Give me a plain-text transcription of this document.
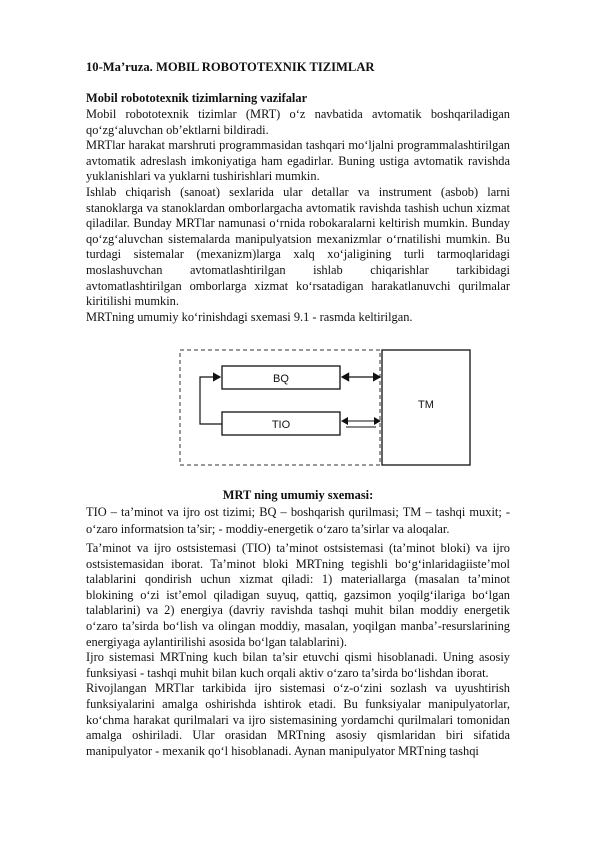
10-Ma’ruza. MOBIL ROBOTOTEXNIK TIZIMLAR
Mobil robototexnik tizimlarning vazifalar

Mobil robototexnik tizimlar (MRT) o‘z navbatida avtomatik boshqariladigan qo‘zg‘aluvchan ob’ektlarni bildiradi.

MRTlar harakat marshruti programmasidan tashqari mo‘ljalni programmalashtirilgan avtomatik adreslash imkoniyatiga ham egadirlar. Buning ustiga avtomatik ravishda yuklanishlari va yuklarni tushirishlari mumkin.

Ishlab chiqarish (sanoat) sexlarida ular detallar va instrument (asbob) larni stanoklarga va stanoklardan omborlargacha avtomatik ravishda tashish uchun xizmat qiladilar. Bunday MRTlar namunasi o‘rnida robokaralarni keltirish mumkin. Bunday qo‘zg‘aluvchan sistemalarda manipulyatsion mexanizmlar o‘rnatilishi mumkin. Bu turdagi sistemalar (mexanizm)larga xalq xo‘jaligining turli tarmoqlaridagi moslashuvchan avtomatlashtirilgan ishlab chiqarishlar tarkibidagi avtomatlashtirilgan omborlarga xizmat ko‘rsatadigan harakatlanuvchi qurilmalar kiritilishi mumkin.

MRTning umumiy ko‘rinishdagi sxemasi 9.1 - rasmda keltirilgan.

BQ
TIO
TM
MRT ning umumiy sxemasi:
TIO – ta’minot va ijro ost tizimi; BQ – boshqarish qurilmasi; TM – tashqi muxit; - o‘zaro informatsion ta’sir; - moddiy-energetik o‘zaro ta’sirlar va aloqalar.

Ta’minot va ijro ostsistemasi (TIO) ta’minot ostsistemasi (ta’minot bloki) va ijro ostsistemasidan iborat. Ta’minot bloki MRTning tegishli bo‘g‘inlaridagiiste’mol talablarini qondirish uchun xizmat qiladi: 1) materiallarga (masalan ta’minot blokining o‘zi ist’emol qiladigan suyuq, qattiq, gazsimon yoqilg‘ilariga bo‘lgan talablarini) va 2) energiya (davriy ravishda tashqi muhit bilan moddiy energetik o‘zaro ta’sirda bo‘lish va olingan moddiy, masalan, yoqilgan manba’-resurslarining energiyaga aylantirilishi asosida bo‘lgan talablarini).

Ijro sistemasi MRTning kuch bilan ta’sir etuvchi qismi hisoblanadi. Uning asosiy funksiyasi - tashqi muhit bilan kuch orqali aktiv o‘zaro ta’sirda bo‘lishdan iborat.

Rivojlangan MRTlar tarkibida ijro sistemasi o‘z-o‘zini sozlash va uyushtirish funksiyalarini amalga oshirishda ishtirok etadi. Bu funksiyalar manipulyatorlar, ko‘chma harakat qurilmalari va ijro sistemasining yordamchi qurilmalari tomonidan amalga oshiriladi. Ular orasidan MRTning asosiy qismlaridan biri sifatida manipulyator - mexanik qo‘l hisoblanadi. Aynan manipulyator MRTning tashqi
